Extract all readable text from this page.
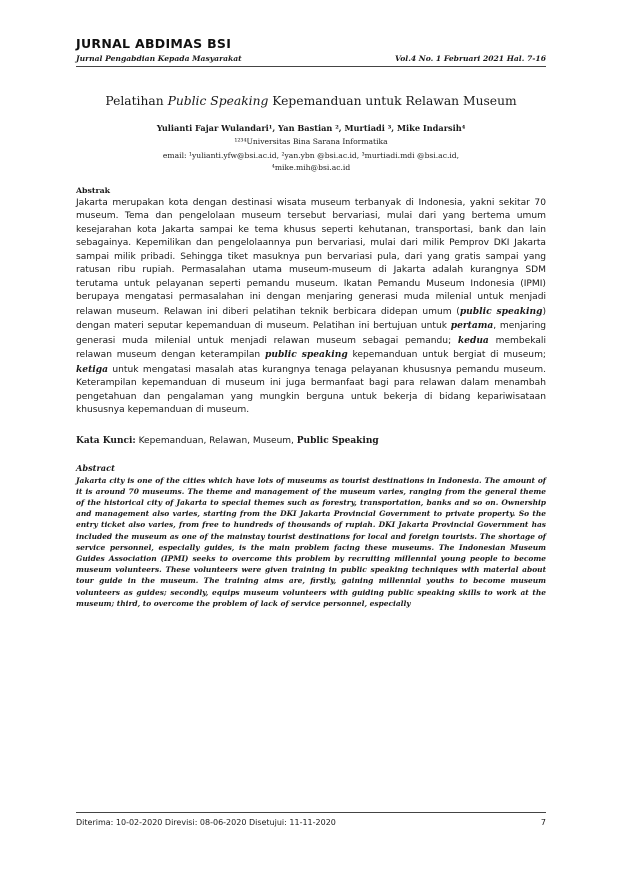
JURNAL ABDIMAS BSI
Jurnal Pengabdian Kepada Masyarakat	Vol.4 No. 1 Februari 2021 Hal. 7-16
Pelatihan Public Speaking Kepemanduan untuk Relawan Museum
Yulianti Fajar Wulandari¹, Yan Bastian ², Murtiadi ³, Mike Indarsih⁴
¹²³⁴Universitas Bina Sarana Informatika
email: ¹yulianti.yfw@bsi.ac.id, ²yan.ybn @bsi.ac.id, ³murtiadi.mdi @bsi.ac.id,
⁴mike.mih@bsi.ac.id
Abstrak
Jakarta merupakan kota dengan destinasi wisata museum terbanyak di Indonesia, yakni sekitar 70 museum. Tema dan pengelolaan museum tersebut bervariasi, mulai dari yang bertema umum kesejarahan kota Jakarta sampai ke tema khusus seperti kehutanan, transportasi, bank dan lain sebagainya. Kepemilikan dan pengelolaannya pun bervariasi, mulai dari milik Pemprov DKI Jakarta sampai milik pribadi. Sehingga tiket masuknya pun bervariasi pula, dari yang gratis sampai yang ratusan ribu rupiah. Permasalahan utama museum-museum di Jakarta adalah kurangnya SDM terutama untuk pelayanan seperti pemandu museum. Ikatan Pemandu Museum Indonesia (IPMI) berupaya mengatasi permasalahan ini dengan menjaring generasi muda milenial untuk menjadi relawan museum. Relawan ini diberi pelatihan teknik berbicara didepan umum (public speaking) dengan materi seputar kepemanduan di museum. Pelatihan ini bertujuan untuk pertama, menjaring generasi muda milenial untuk menjadi relawan museum sebagai pemandu; kedua membekali relawan museum dengan keterampilan public speaking kepemanduan untuk bergiat di museum; ketiga untuk mengatasi masalah atas kurangnya tenaga pelayanan khususnya pemandu museum. Keterampilan kepemanduan di museum ini juga bermanfaat bagi para relawan dalam menambah pengetahuan dan pengalaman yang mungkin berguna untuk bekerja di bidang kepariwisataan khususnya kepemanduan di museum.
Kata Kunci: Kepemanduan, Relawan, Museum, Public Speaking
Abstract
Jakarta city is one of the cities which have lots of museums as tourist destinations in Indonesia. The amount of it is around 70 museums. The theme and management of the museum varies, ranging from the general theme of the historical city of Jakarta to special themes such as forestry, transportation, banks and so on. Ownership and management also varies, starting from the DKI Jakarta Provincial Government to private property. So the entry ticket also varies, from free to hundreds of thousands of rupiah. DKI Jakarta Provincial Government has included the museum as one of the mainstay tourist destinations for local and foreign tourists. The shortage of service personnel, especially guides, is the main problem facing these museums. The Indonesian Museum Guides Association (IPMI) seeks to overcome this problem by recruiting millennial young people to become museum volunteers. These volunteers were given training in public speaking techniques with material about tour guide in the museum. The training aims are, firstly, gaining millennial youths to become museum volunteers as guides; secondly, equips museum volunteers with guiding public speaking skills to work at the museum; third, to overcome the problem of lack of service personnel, especially
Diterima: 10-02-2020 Direvisi: 08-06-2020 Disetujui: 11-11-2020	7
